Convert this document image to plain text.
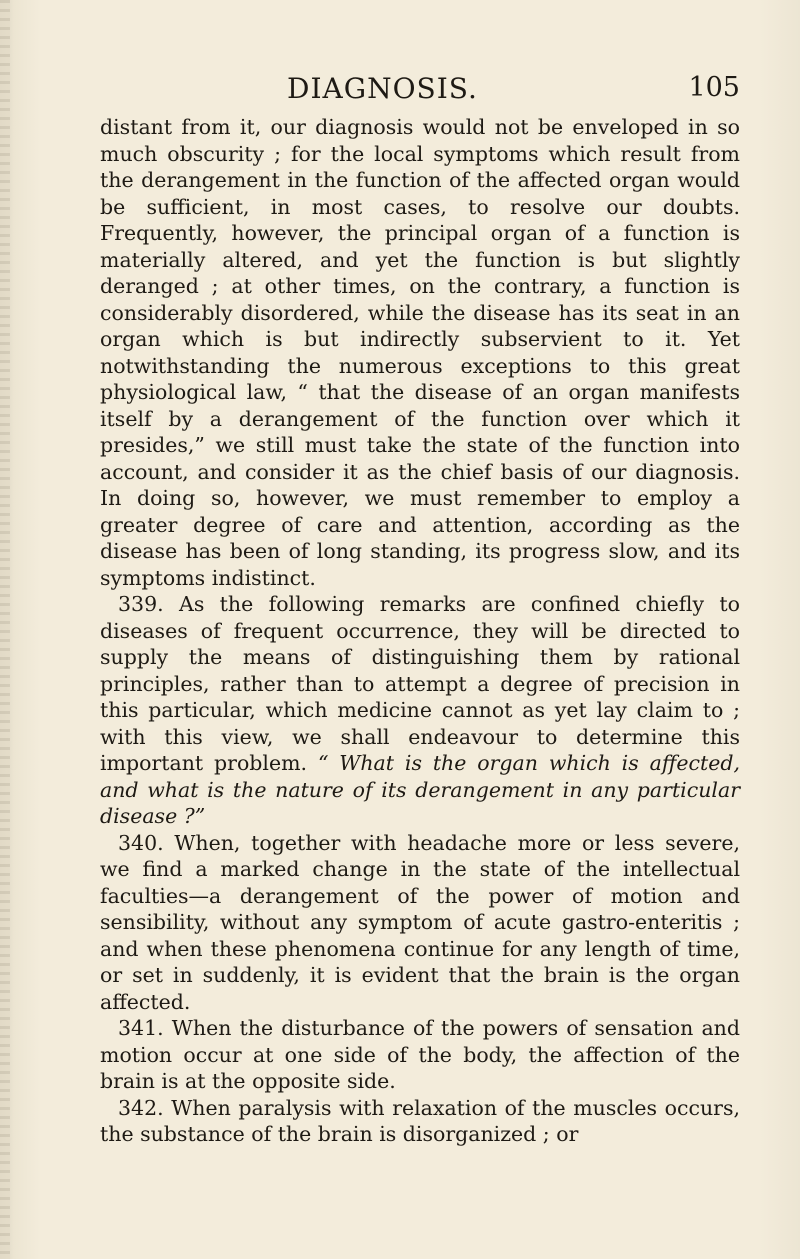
DIAGNOSIS.	105

distant from it, our diagnosis would not be enveloped in so much obscurity ; for the local symptoms which result from the derangement in the function of the affected organ would be sufficient, in most cases, to resolve our doubts. Frequently, however, the principal organ of a function is materially altered, and yet the function is but slightly deranged ; at other times, on the contrary, a function is considerably disordered, while the disease has its seat in an organ which is but indirectly subservient to it. Yet notwithstanding the numerous exceptions to this great physiological law, “ that the disease of an organ manifests itself by a derangement of the function over which it presides,” we still must take the state of the function into account, and consider it as the chief basis of our diagnosis. In doing so, however, we must remember to employ a greater degree of care and attention, according as the disease has been of long standing, its progress slow, and its symptoms indistinct.

339. As the following remarks are confined chiefly to diseases of frequent occurrence, they will be directed to supply the means of distinguishing them by rational principles, rather than to attempt a degree of precision in this particular, which medicine cannot as yet lay claim to ; with this view, we shall endeavour to determine this important problem. “ What is the organ which is affected, and what is the nature of its derangement in any particular disease ?”

340. When, together with headache more or less severe, we find a marked change in the state of the intellectual faculties—a derangement of the power of motion and sensibility, without any symptom of acute gastro-enteritis ; and when these phenomena continue for any length of time, or set in suddenly, it is evident that the brain is the organ affected.

341. When the disturbance of the powers of sensation and motion occur at one side of the body, the affection of the brain is at the opposite side.

342. When paralysis with relaxation of the muscles occurs, the substance of the brain is disorganized ; or
